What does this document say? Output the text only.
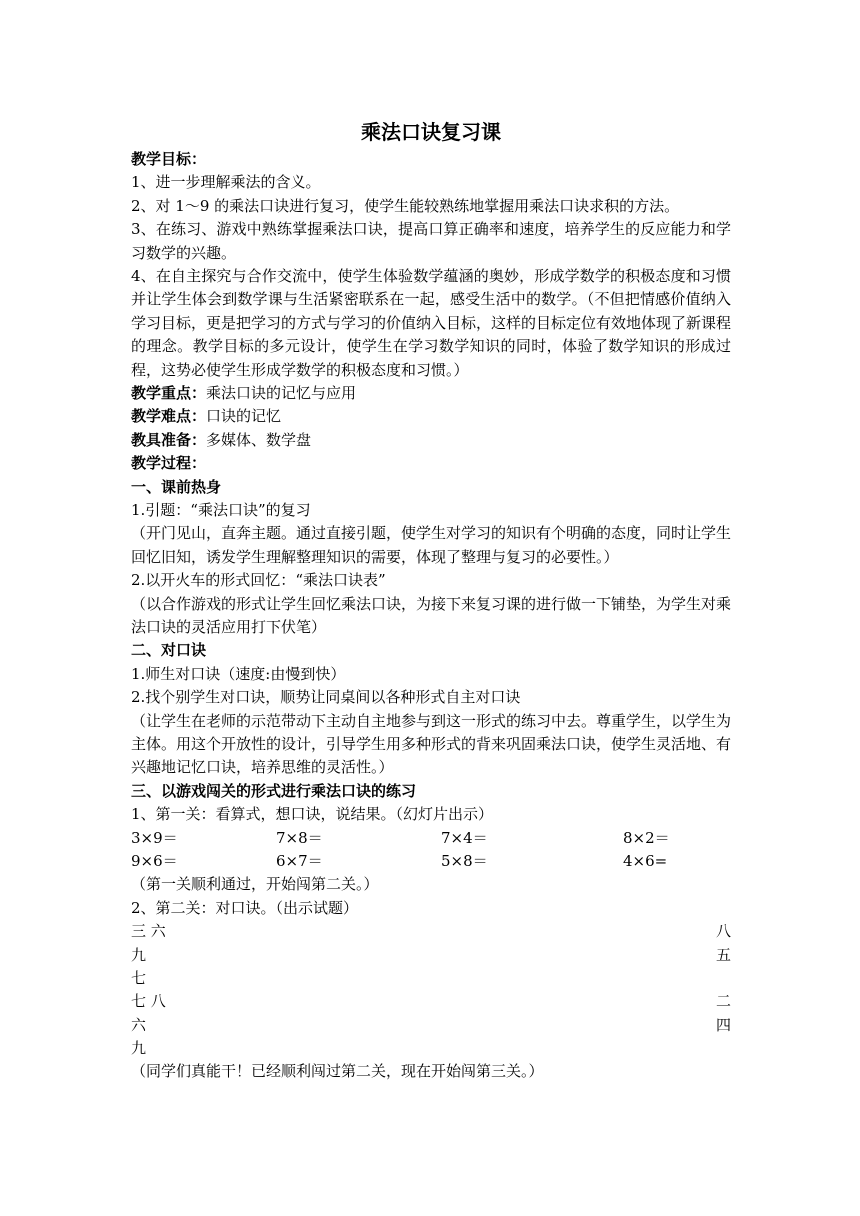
乘法口诀复习课
教学目标：
1、进一步理解乘法的含义。
2、对 1～9 的乘法口诀进行复习，使学生能较熟练地掌握用乘法口诀求积的方法。
3、在练习、游戏中熟练掌握乘法口诀，提高口算正确率和速度，培养学生的反应能力和学习数学的兴趣。
4、在自主探究与合作交流中，使学生体验数学蕴涵的奥妙，形成学数学的积极态度和习惯并让学生体会到数学课与生活紧密联系在一起，感受生活中的数学。（不但把情感价值纳入学习目标，更是把学习的方式与学习的价值纳入目标，这样的目标定位有效地体现了新课程的理念。教学目标的多元设计，使学生在学习数学知识的同时，体验了数学知识的形成过程，这势必使学生形成学数学的积极态度和习惯。）
教学重点：乘法口诀的记忆与应用
教学难点：口诀的记忆
教具准备：多媒体、数学盘
教学过程：
一、课前热身
1.引题：“乘法口诀”的复习
（开门见山，直奔主题。通过直接引题，使学生对学习的知识有个明确的态度，同时让学生回忆旧知，诱发学生理解整理知识的需要，体现了整理与复习的必要性。）
2.以开火车的形式回忆：“乘法口诀表”
（以合作游戏的形式让学生回忆乘法口诀，为接下来复习课的进行做一下铺垫，为学生对乘法口诀的灵活应用打下伏笔）
二、对口诀
1.师生对口诀（速度:由慢到快）
2.找个别学生对口诀，顺势让同桌间以各种形式自主对口诀
（让学生在老师的示范带动下主动自主地参与到这一形式的练习中去。尊重学生，以学生为主体。用这个开放性的设计，引导学生用多种形式的背来巩固乘法口诀，使学生灵活地、有兴趣地记忆口诀，培养思维的灵活性。）
三、以游戏闯关的形式进行乘法口诀的练习
1、第一关：看算式，想口诀，说结果。（幻灯片出示）
3×9＝	7×8＝	7×4＝	8×2＝
9×6＝	6×7＝	5×8＝	4×6=
（第一关顺利通过，开始闯第二关。）
2、第二关：对口诀。（出示试题）
三 六	八
九	五
七
七 八	二
六	四
九
（同学们真能干！已经顺利闯过第二关，现在开始闯第三关。）
